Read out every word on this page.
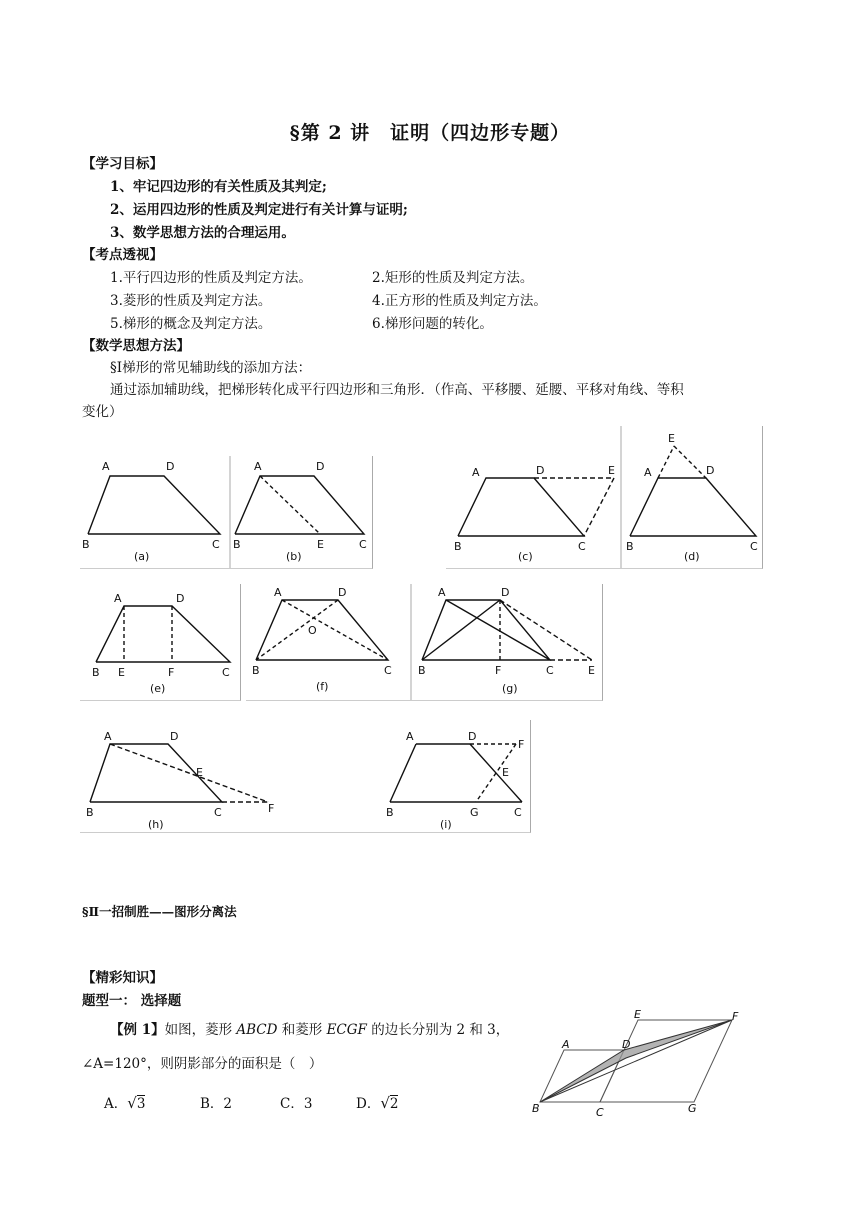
§第 2 讲　证明（四边形专题）
【学习目标】
1、牢记四边形的有关性质及其判定;
2、运用四边形的性质及判定进行有关计算与证明;
3、数学思想方法的合理运用。
【考点透视】
1.平行四边形的性质及判定方法。	2.矩形的性质及判定方法。
3.菱形的性质及判定方法。	4.正方形的性质及判定方法。
5.梯形的概念及判定方法。	6.梯形问题的转化。
【数学思想方法】
§Ⅰ梯形的常见辅助线的添加方法：
通过添加辅助线，把梯形转化成平行四边形和三角形．（作高、平移腰、延腰、平移对角线、等积
变化）
A	D
B	C
(a)
A	D
B	E	C
(b)
A	D	E
B	C
(c)
E
A	D
B	C
(d)
A	D
B E	F	C
(e)
A	D
O
B	C
(f)
A	D
B	F	C	E
(g)
A	D
E
F
B	C
(h)
A	D
F
E
B	G	C
(i)
§Ⅱ一招制胜——图形分离法
【精彩知识】
题型一： 选择题
【例 1】如图，菱形 ABCD 和菱形 ECGF 的边长分别为 2 和 3，
∠A=120°，则阴影部分的面积是（　）
A．√3	B．2	C．3	D．√2
A	D
E	F
B	C	G
